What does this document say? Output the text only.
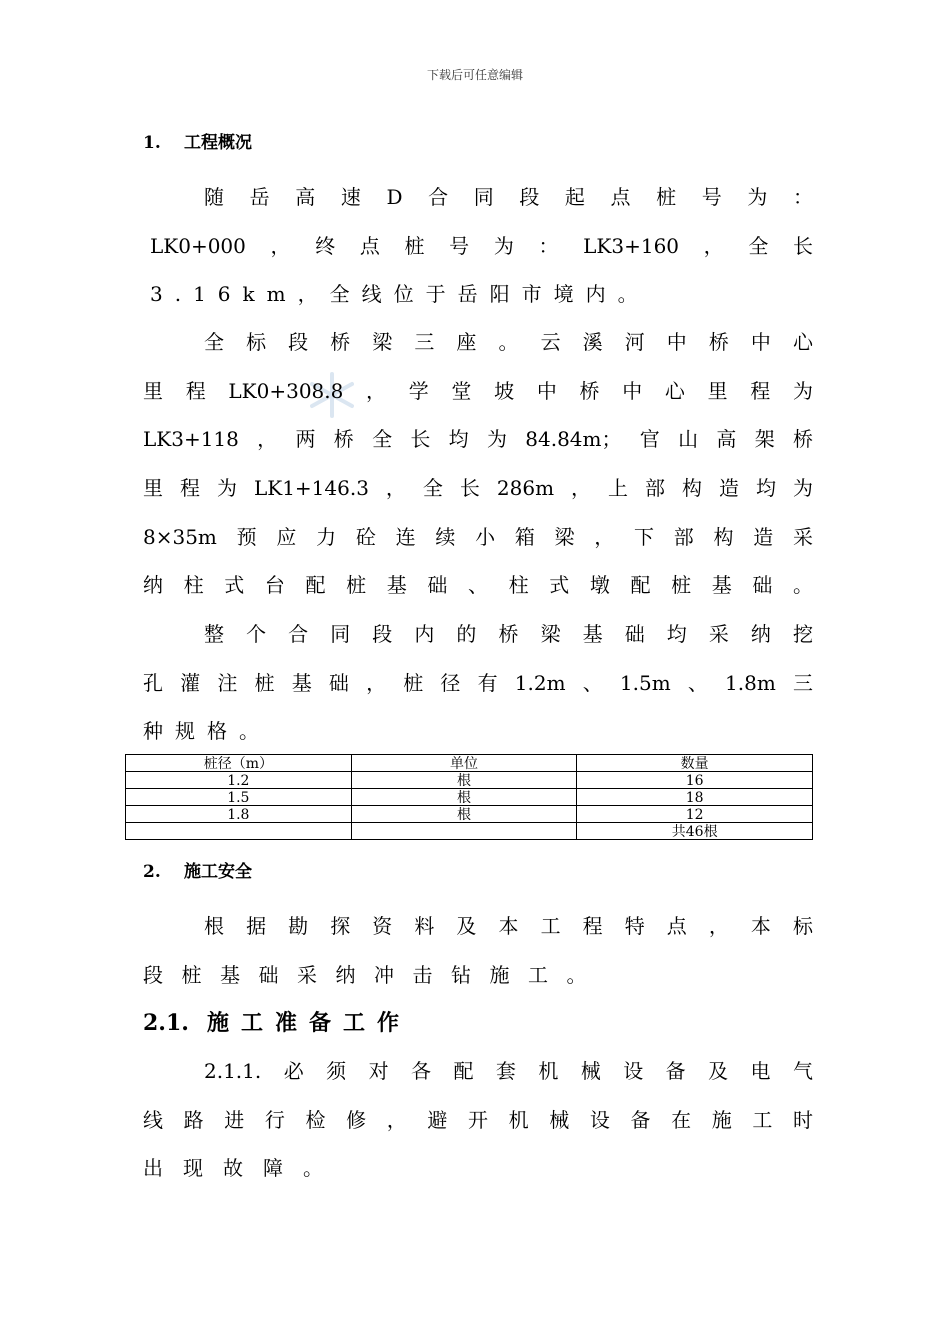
下载后可任意编辑
1. 工程概况
随岳高速D合同段起点桩号为：
LK0+000，终点桩号为：LK3+160，全长
3.16km，全线位于岳阳市境内。
全标段桥梁三座。云溪河中桥中心
里程LK0+308.8，学堂坡中桥中心里程为
LK3+118，两桥全长均为84.84m；官山高架桥
里程为LK1+146.3，全长286m，上部构造均为
8×35m预应力砼连续小箱梁，下部构造采
纳柱式台配桩基础、柱式墩配桩基础。
整个合同段内的桥梁基础均采纳挖
孔灌注桩基础，桩径有1.2m、1.5m、1.8m三
种规格。
桩径（m）	单位	数量
1.2	根	16
1.5	根	18
1.8	根	12
		共46根
2. 施工安全
根据勘探资料及本工程特点，本标
段桩基础采纳冲击钻施工。
2.1. 施工准备工作
2.1.1.必须对各配套机械设备及电气
线路进行检修，避开机械设备在施工时
出现故障。
